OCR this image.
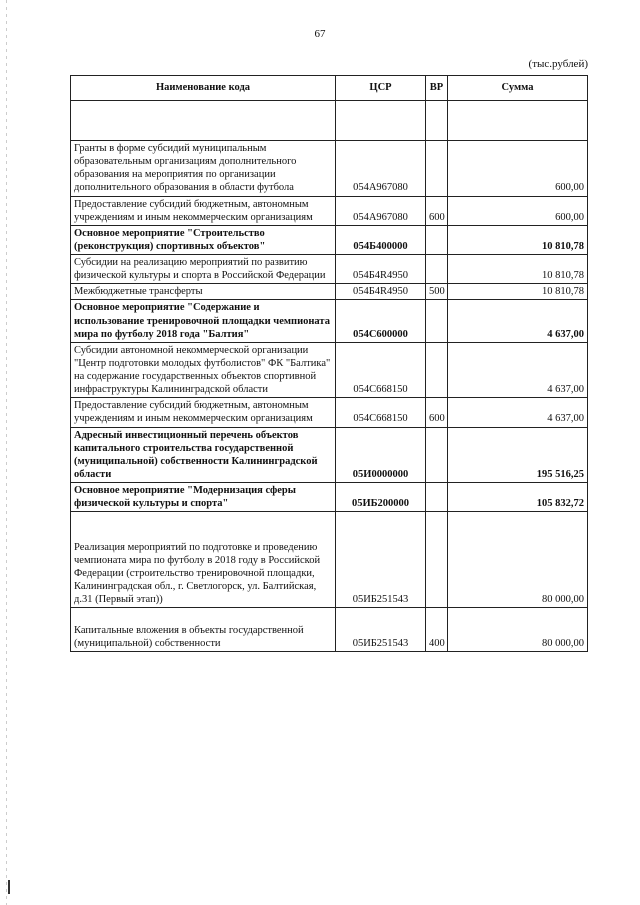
67
(тыс.рублей)
Наименование кода	ЦСР	ВР	Сумма

Гранты в форме субсидий муниципальным образовательным организациям дополнительного образования на мероприятия по организации дополнительного образования в области футбола	054А967080		600,00
Предоставление субсидий бюджетным, автономным учреждениям и иным некоммерческим организациям	054А967080	600	600,00
Основное мероприятие "Строительство (реконструкция) спортивных объектов"	054Б400000		10 810,78
Субсидии на реализацию мероприятий по развитию физической культуры и спорта в Российской Федерации	054Б4R4950		10 810,78
Межбюджетные трансферты	054Б4R4950	500	10 810,78
Основное мероприятие "Содержание и использование тренировочной площадки чемпионата мира по футболу 2018 года "Балтия"	054С600000		4 637,00
Субсидии автономной некоммерческой организации "Центр подготовки молодых футболистов" ФК "Балтика" на содержание государственных объектов спортивной инфраструктуры Калининградской области	054С668150		4 637,00
Предоставление субсидий бюджетным, автономным учреждениям и иным некоммерческим организациям	054С668150	600	4 637,00
Адресный инвестиционный перечень объектов капитального строительства государственной (муниципальной) собственности Калининградской области	05И0000000		195 516,25
Основное мероприятие "Модернизация сферы физической культуры и спорта"	05ИБ200000		105 832,72
Реализация мероприятий по подготовке и проведению чемпионата мира по футболу в 2018 году в Российской Федерации (строительство тренировочной площадки, Калининградская обл., г. Светлогорск, ул. Балтийская, д.31 (Первый этап))	05ИБ251543		80 000,00
Капитальные вложения в объекты государственной (муниципальной) собственности	05ИБ251543	400	80 000,00
